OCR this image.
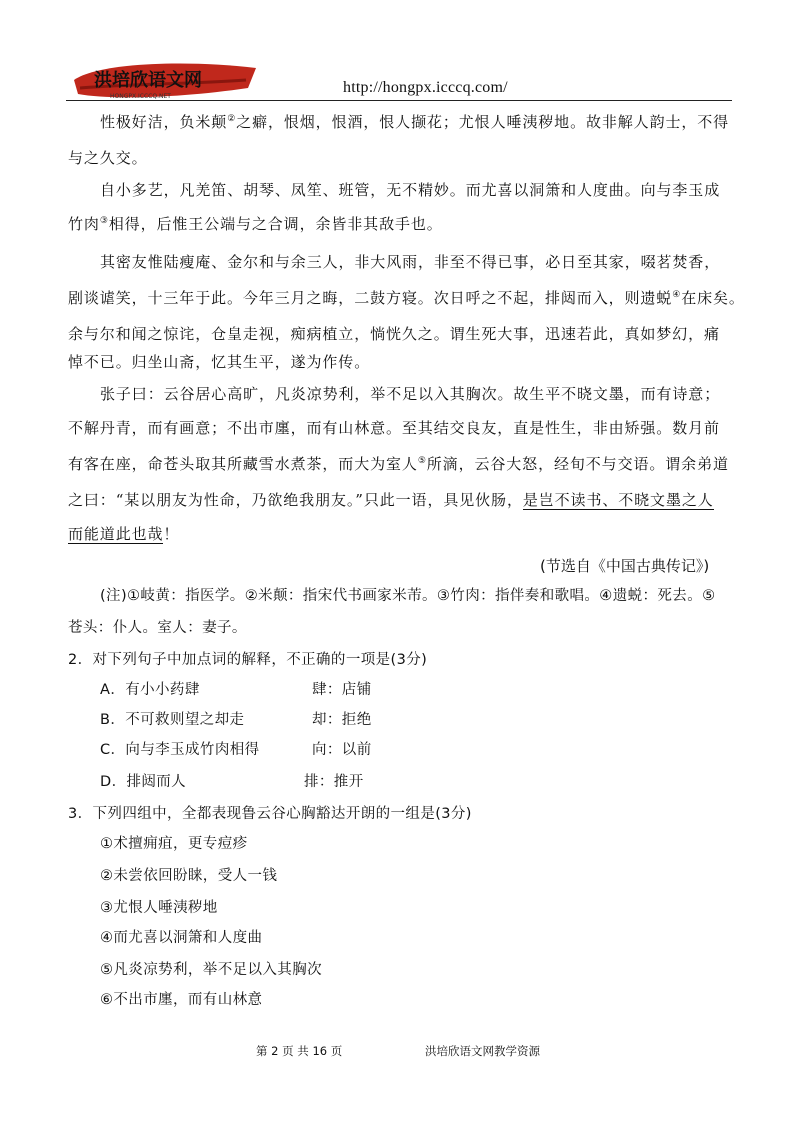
洪培欣语文网
HONGPX.ICCCQ.NET
http://hongpx.icccq.com/
性极好洁，负米颠②之癖，恨烟，恨酒，恨人撷花；尤恨人唾洟秽地。故非解人韵士，不得
与之久交。
自小多艺，凡羌笛、胡琴、凤笙、班管，无不精妙。而尤喜以洞箫和人度曲。向与李玉成
竹肉③相得，后惟王公端与之合调，余皆非其敌手也。
其密友惟陆瘦庵、金尔和与余三人，非大风雨，非至不得已事，必日至其家，啜茗焚香，
剧谈谑笑，十三年于此。今年三月之晦，二鼓方寝。次日呼之不起，排闼而入，则遗蜕④在床矣。
余与尔和闻之惊诧，仓皇走视，痴病植立，惝恍久之。谓生死大事，迅速若此，真如梦幻，痛
悼不已。归坐山斋，忆其生平，遂为作传。
张子曰：云谷居心高旷，凡炎凉势利，举不足以入其胸次。故生平不晓文墨，而有诗意；
不解丹青，而有画意；不出市廛，而有山林意。至其结交良友，直是性生，非由矫强。数月前
有客在座，命苍头取其所藏雪水煮茶，而大为室人⑤所滴，云谷大怒，经旬不与交语。谓余弟道
之曰：“某以朋友为性命，乃欲绝我朋友。”只此一语，具见伙肠，是岂不读书、不晓文墨之人
而能道此也哉！
(节选自《中国古典传记》)
(注)①岐黄：指医学。②米颠：指宋代书画家米芾。③竹肉：指伴奏和歌唱。④遗蜕：死去。⑤
苍头：仆人。室人：妻子。
2．对下列句子中加点词的解释，不正确的一项是(3分)
A．有小小药肆	肆：店铺
B．不可救则望之却走	却：拒绝
C．向与李玉成竹肉相得	向：以前
D．排闼而人	排：推开
3．下列四组中，全都表现鲁云谷心胸豁达开朗的一组是(3分)
①术擅痈疽，更专痘疹
②未尝依回盼睐，受人一钱
③尤恨人唾洟秽地
④而尤喜以洞箫和人度曲
⑤凡炎凉势利，举不足以入其胸次
⑥不出市廛，而有山林意
第 2 页 共 16 页	洪培欣语文网教学资源
